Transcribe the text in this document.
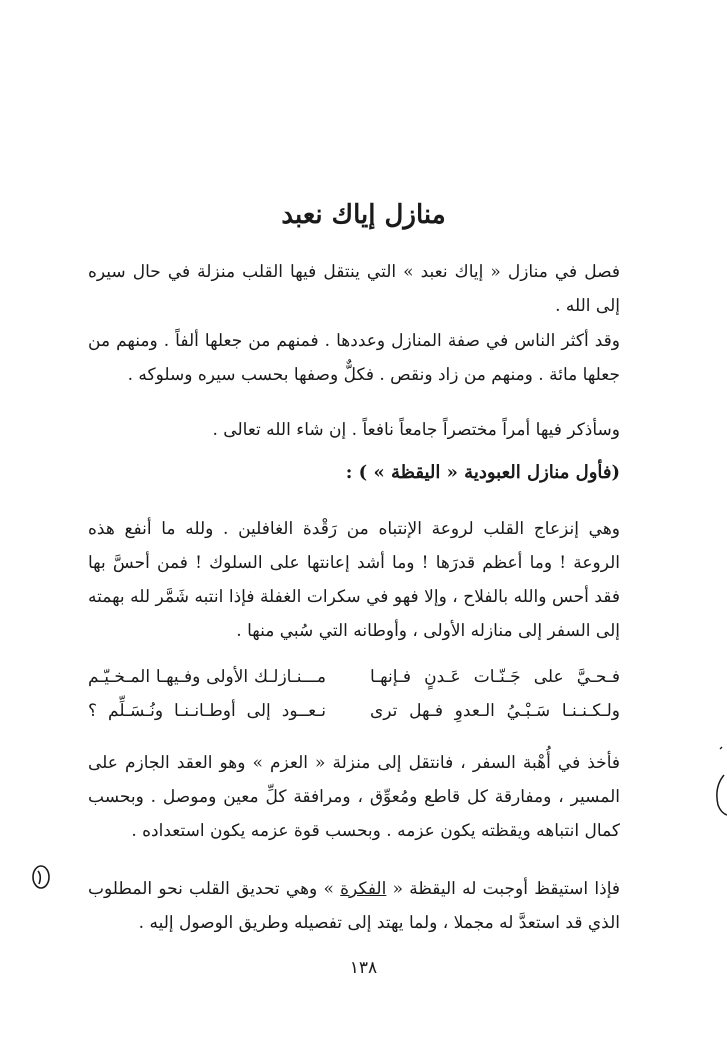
منازل إياك نعبد
فصل في منازل « إياك نعبد » التي ينتقل فيها القلب منزلة في حال سيره إلى الله .
وقد أكثر الناس في صفة المنازل وعددها . فمنهم من جعلها ألفاً . ومنهم من جعلها مائة . ومنهم من زاد ونقص . فكلٌّ وصفها بحسب سيره وسلوكه .
وسأذكر فيها أمراً مختصراً جامعاً نافعاً . إن شاء الله تعالى .
(فأول منازل العبودية « اليقظة » ) :
وهي إنزعاج القلب لروعة الإنتباه من رَقْدة الغافلين . ولله ما أنفع هذه الروعة ! وما أعظم قدرَها ! وما أشد إعانتها على السلوك ! فمن أحسَّ بها فقد أحس والله بالفلاح ، وإلا فهو في سكرات الغفلة فإذا انتبه شَمَّر لله بهمته إلى السفر إلى منازله الأولى ، وأوطانه التي سُبي منها .
فـحـيَّ على جَـنّـات عَـدنٍ فـإنهـا
مـــنـازلـك الأولى وفـيهـا المـخـيّـم
ولـكـنـنـا سَـبْـيُ الـعدوِ فـهل ترى
نـعــود إلى أوطـانـنـا ونُـسَـلِّم ؟
فأخذ في أُهْبة السفر ، فانتقل إلى منزلة « العزم » وهو العقد الجازم على المسير ، ومفارقة كل قاطع ومُعوِّق ، ومرافقة كلِّ معين وموصل . وبحسب كمال انتباهه ويقظته يكون عزمه . وبحسب قوة عزمه يكون استعداده .
فإذا استيقظ أوجبت له اليقظة « الفكرة » وهي تحديق القلب نحو المطلوب الذي قد استعدَّ له مجملا ، ولما يهتد إلى تفصيله وطريق الوصول إليه .
١٣٨
